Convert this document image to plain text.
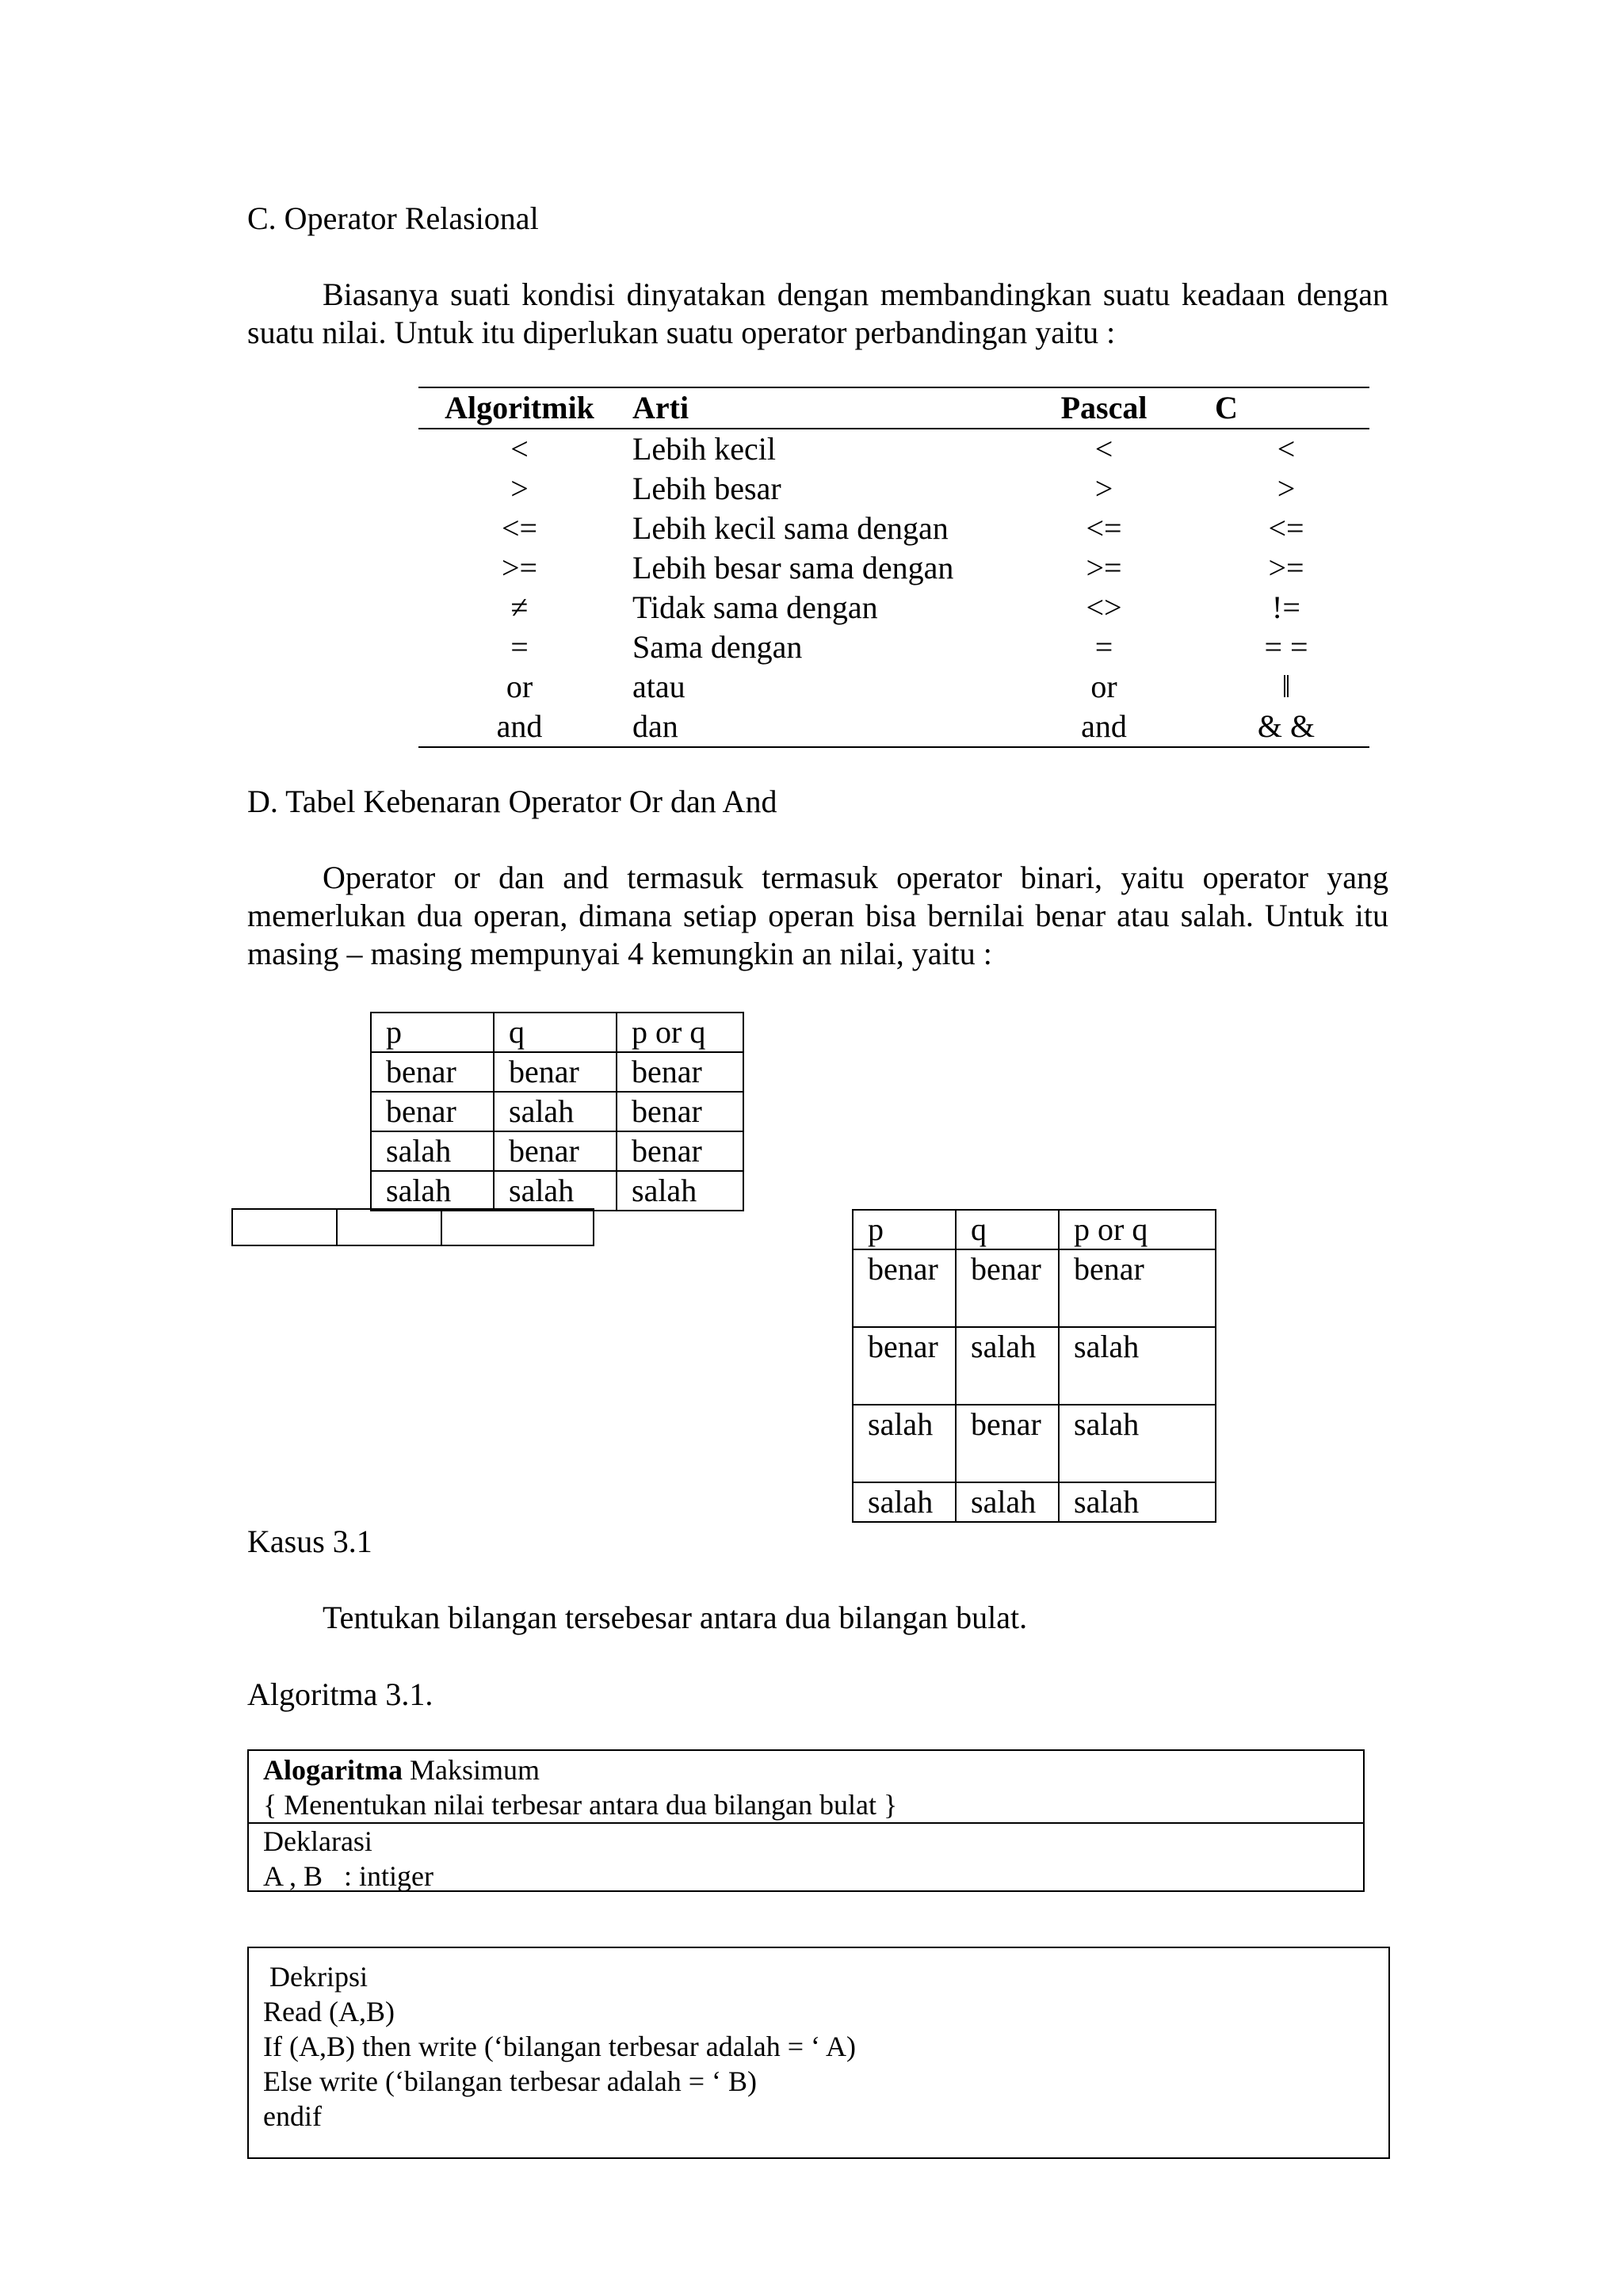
C. Operator Relasional
Biasanya suati kondisi dinyatakan dengan membandingkan suatu keadaan dengan suatu nilai. Untuk itu diperlukan suatu operator perbandingan yaitu :
Algoritmik	Arti	Pascal	C
<	Lebih kecil	<	<
>	Lebih besar	>	>
<=	Lebih kecil sama dengan	<=	<=
>=	Lebih besar sama dengan	>=	>=
≠	Tidak sama dengan	<>	!=
=	Sama dengan	=	= =
or	atau	or	‖
and	dan	and	& &
D. Tabel Kebenaran Operator Or dan And
Operator or dan and termasuk termasuk operator binari, yaitu operator yang memerlukan dua operan, dimana setiap operan bisa bernilai benar atau salah. Untuk itu masing – masing mempunyai 4 kemungkin an nilai, yaitu :
p	q	p or q
benar	benar	benar
benar	salah	benar
salah	benar	benar
salah	salah	salah

p	q	p or q
benar	benar	benar
benar	salah	salah
salah	benar	salah
salah	salah	salah
Kasus 3.1
Tentukan bilangan tersebesar antara dua bilangan bulat.
Algoritma 3.1.
Alogaritma Maksimum
{ Menentukan nilai terbesar antara dua bilangan bulat }
Deklarasi
A , B   : intiger
Dekripsi
Read (A,B)
If (A,B) then write (‘bilangan terbesar adalah = ‘ A)
Else write (‘bilangan terbesar adalah = ‘ B)
endif
